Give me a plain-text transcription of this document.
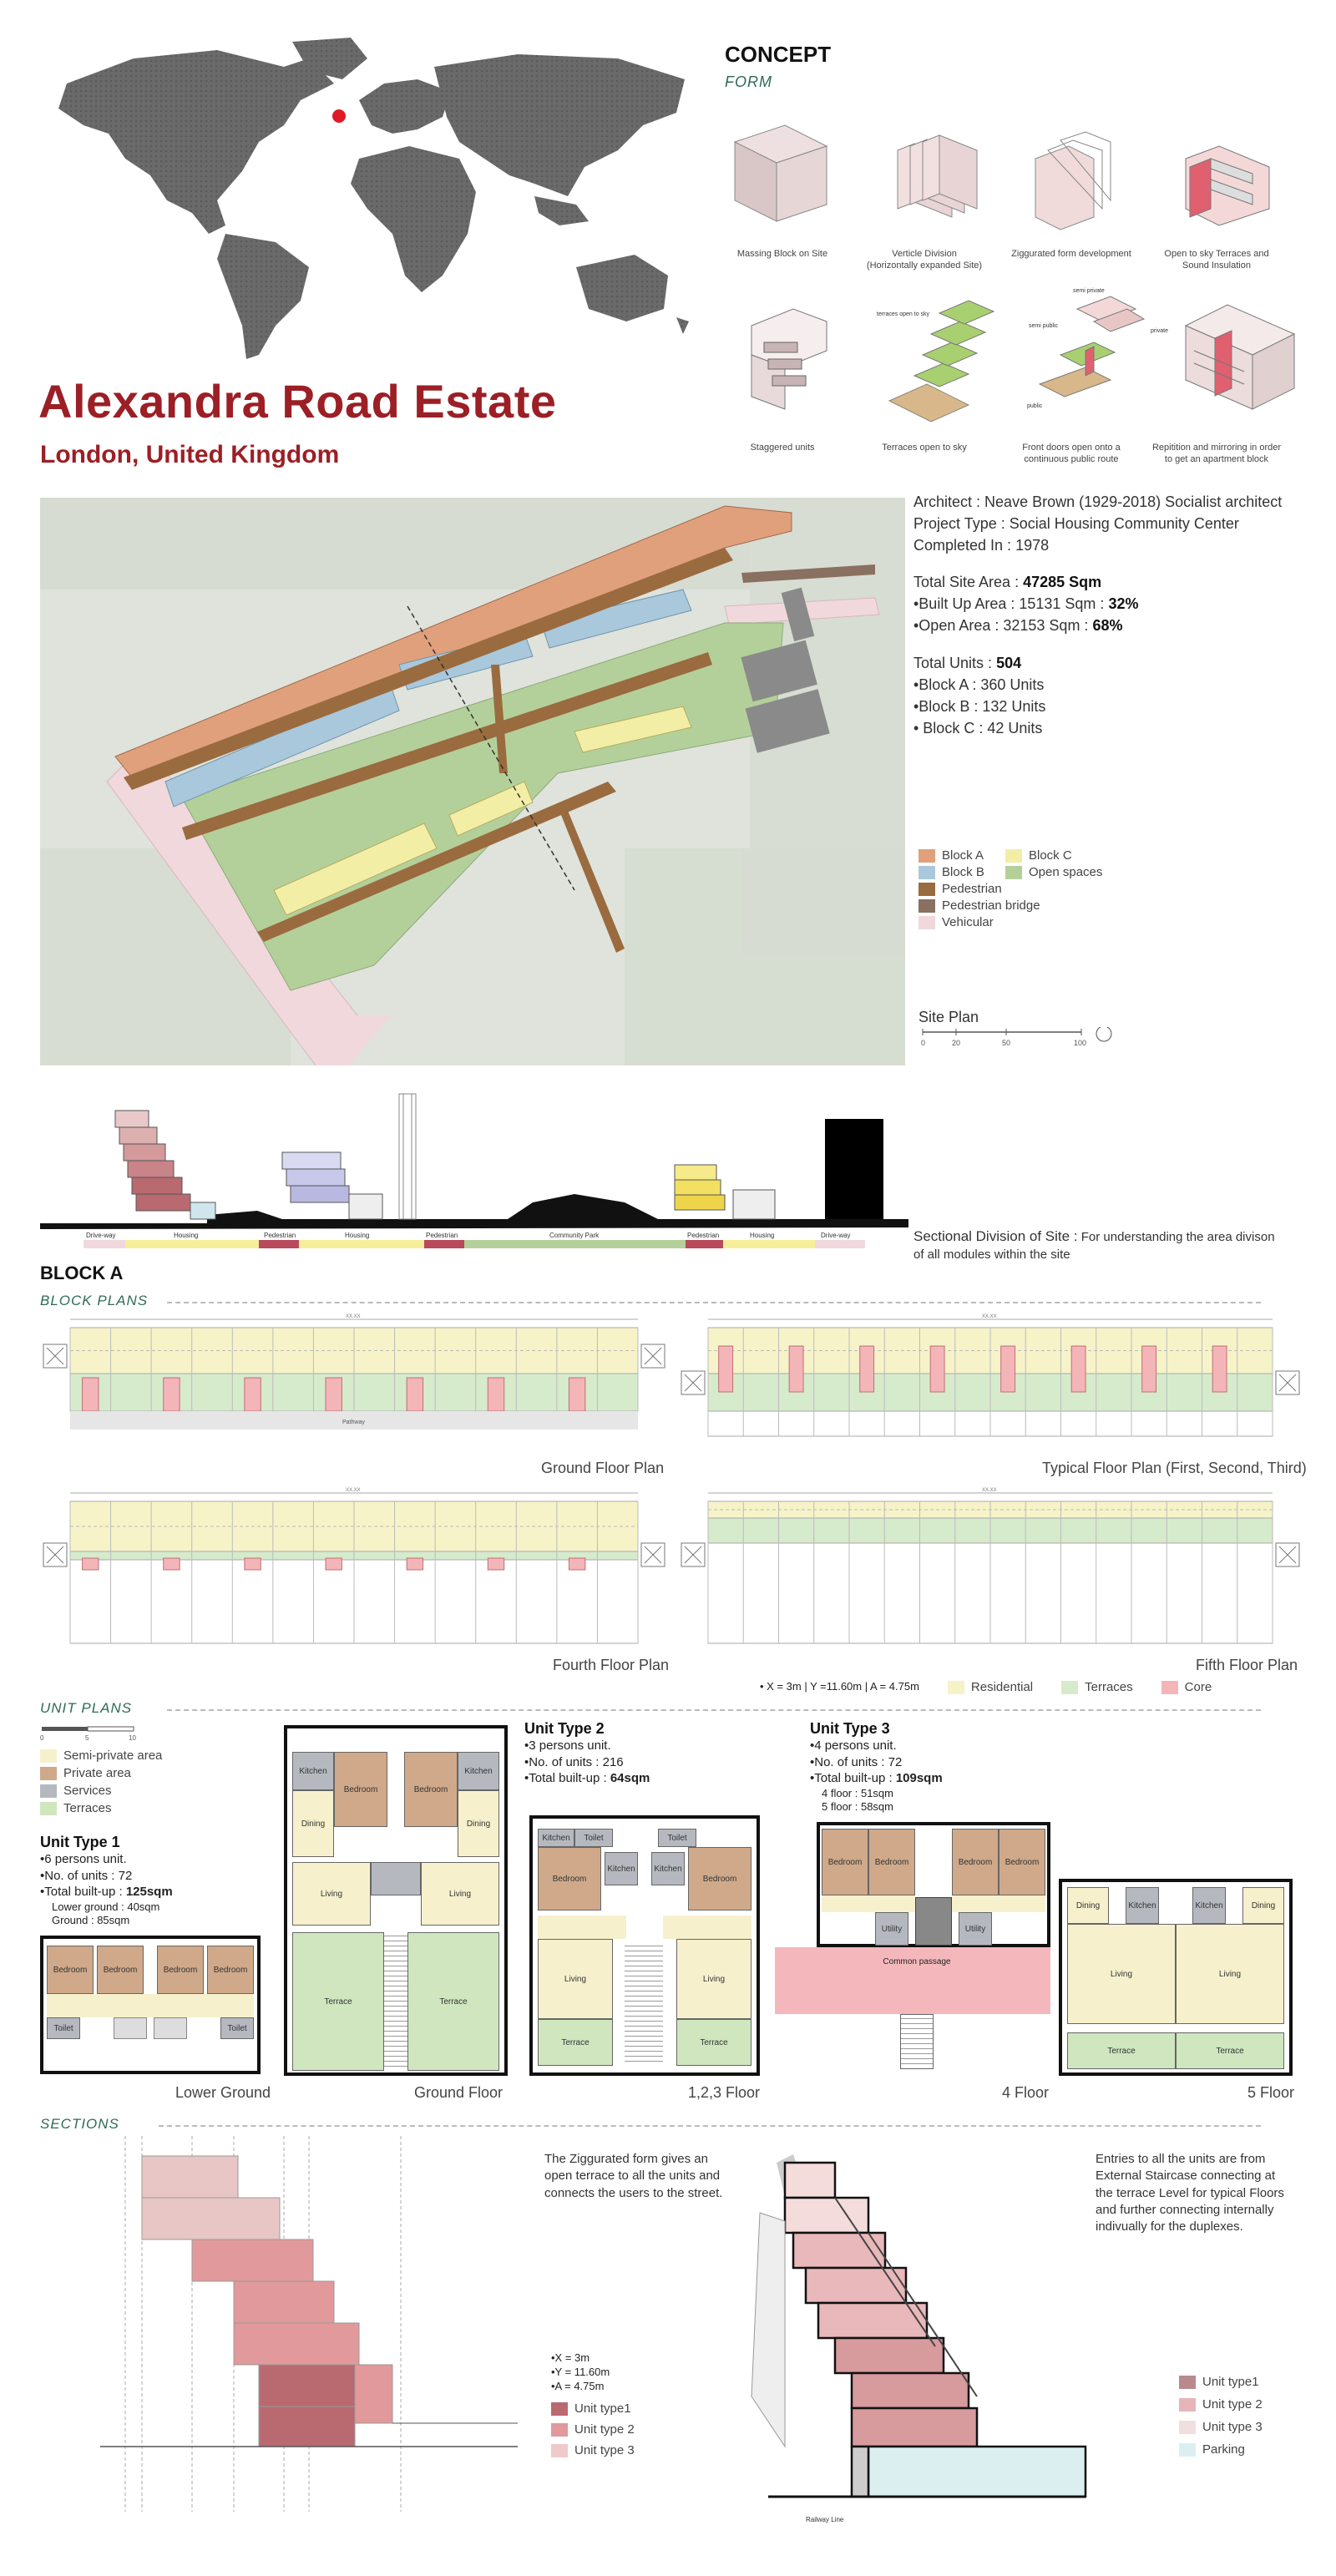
Alexandra Road Estate
London, United Kingdom
CONCEPT
FORM
terraces open to sky
semi private
semi public
private
public
Massing Block on Site	Verticle Division
(Horizontally expanded Site)
Ziggurated form development	Open to sky Terraces and
Sound Insulation
Staggered units	Terraces open to sky	Front doors open onto a
continuous public route
Repitition and mirroring in order
to get an apartment block
Architect : Neave Brown (1929-2018) Socialist architect
Project Type : Social Housing Community Center
Completed In : 1978
Total Site Area : 47285 Sqm
•Built Up Area : 15131 Sqm : 32%
•Open Area : 32153 Sqm : 68%
Total Units : 504
•Block A : 360 Units
•Block B : 132 Units
• Block C : 42 Units
Block A	Block C
Block B	Open spaces
Pedestrian
Pedestrian bridge
Vehicular
Site Plan
0	20	50	100
Drive-way	Housing	Pedestrian	Housing	Pedestrian	Community Park	Pedestrian	Housing	Drive-way	Sectional Division of Site : For understanding the area divison of all modules within the site
BLOCK A
BLOCK PLANS
XX.XX
Pathway
XX.XX
XX.XX	XX.XX
Ground Floor Plan	Typical Floor Plan (First, Second, Third)
Fourth Floor Plan	Fifth Floor Plan
• X = 3m | Y =11.60m | A = 4.75m	Residential	Terraces	Core
UNIT PLANS
0	5	10
Semi-private area
Private area
Services
Terraces
Unit Type 1
•6 persons unit.
•No. of units : 72
•Total built-up : 125sqm
Lower ground : 40sqm
Ground : 85sqm
Bedroom	Bedroom	Bedroom	Bedroom
Toilet	Toilet
Kitchen
Bedroom	Bedroom
Kitchen
Dining	Dining
Living	Living
Terrace	Terrace
Unit Type 2
•3 persons unit.
•No. of units : 216
•Total built-up : 64sqm
Kitchen	Toilet	Toilet
Bedroom	Bedroom
Kitchen	Kitchen
Living	Living
Terrace	Terrace
Unit Type 3
•4 persons unit.
•No. of units : 72
•Total built-up : 109sqm
4 floor : 51sqm
5 floor : 58sqm
Bedroom	Bedroom	Bedroom	Bedroom
Utility	Utility
Common passage
Dining	Kitchen	Kitchen	Dining
Living	Living
Terrace	Terrace
Lower Ground	Ground Floor	1,2,3 Floor	4 Floor	5 Floor
SECTIONS
The Ziggurated form gives an open terrace to all the units and connects the users to the street.
•X = 3m
•Y = 11.60m
•A = 4.75m
Unit type1
Unit type 2
Unit type 3
Railway Line
Entries to all the units are from External Staircase connecting at the terrace Level for typical Floors and further connecting internally indivually for the duplexes.
Unit type1
Unit type 2
Unit type 3
Parking
